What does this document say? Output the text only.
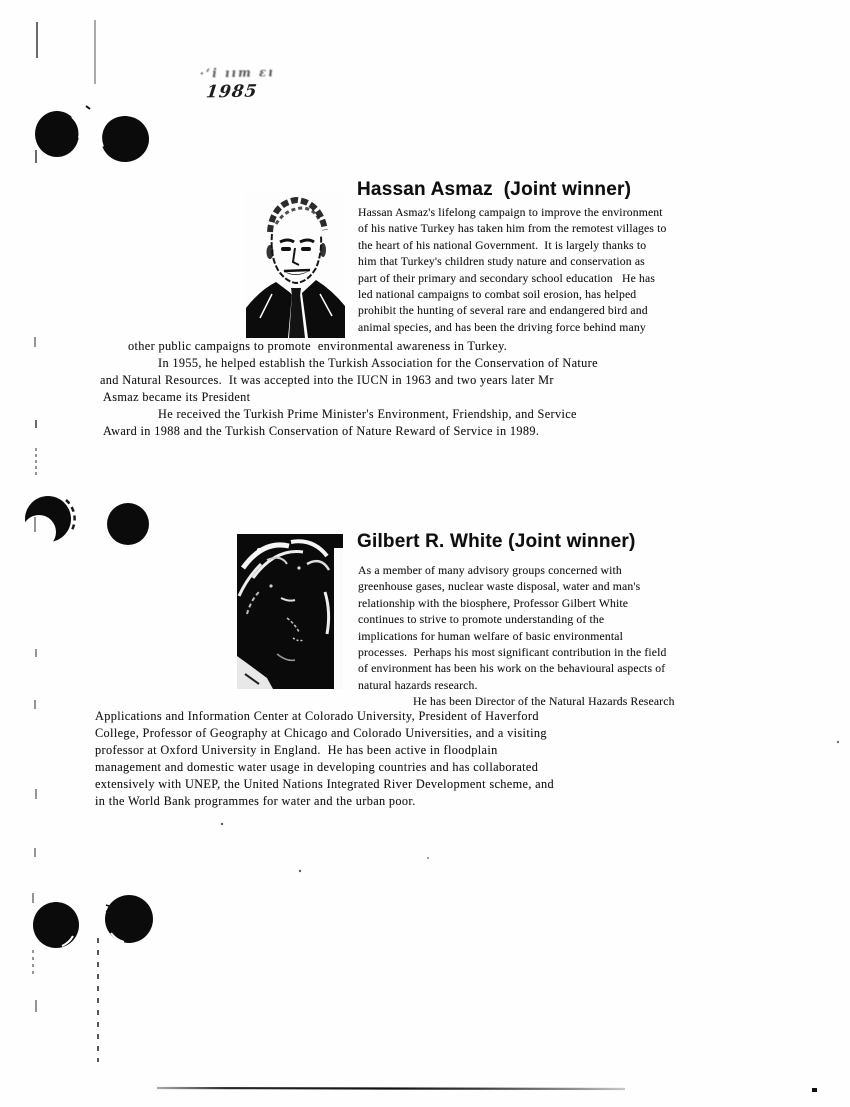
·ʻi ıım ɛı
1985

Hassan Asmaz  (Joint winner)
Hassan Asmaz's lifelong campaign to improve the environment
of his native Turkey has taken him from the remotest villages to
the heart of his national Government.  It is largely thanks to
him that Turkey's children study nature and conservation as
part of their primary and secondary school education   He has
led national campaigns to combat soil erosion, has helped
prohibit the hunting of several rare and endangered bird and
animal species, and has been the driving force behind many
other public campaigns to promote  environmental awareness in Turkey.
In 1955, he helped establish the Turkish Association for the Conservation of Nature
and Natural Resources.  It was accepted into the IUCN in 1963 and two years later Mr
Asmaz became its President
He received the Turkish Prime Minister's Environment, Friendship, and Service
Award in 1988 and the Turkish Conservation of Nature Reward of Service in 1989.
Gilbert R. White (Joint winner)
As a member of many advisory groups concerned with
greenhouse gases, nuclear waste disposal, water and man's
relationship with the biosphere, Professor Gilbert White
continues to strive to promote understanding of the
implications for human welfare of basic environmental
processes.  Perhaps his most significant contribution in the field
of environment has been his work on the behavioural aspects of
natural hazards research.
He has been Director of the Natural Hazards Research
Applications and Information Center at Colorado University, President of Haverford
College, Professor of Geography at Chicago and Colorado Universities, and a visiting
professor at Oxford University in England.  He has been active in floodplain
management and domestic water usage in developing countries and has collaborated
extensively with UNEP, the United Nations Integrated River Development scheme, and
in the World Bank programmes for water and the urban poor.
